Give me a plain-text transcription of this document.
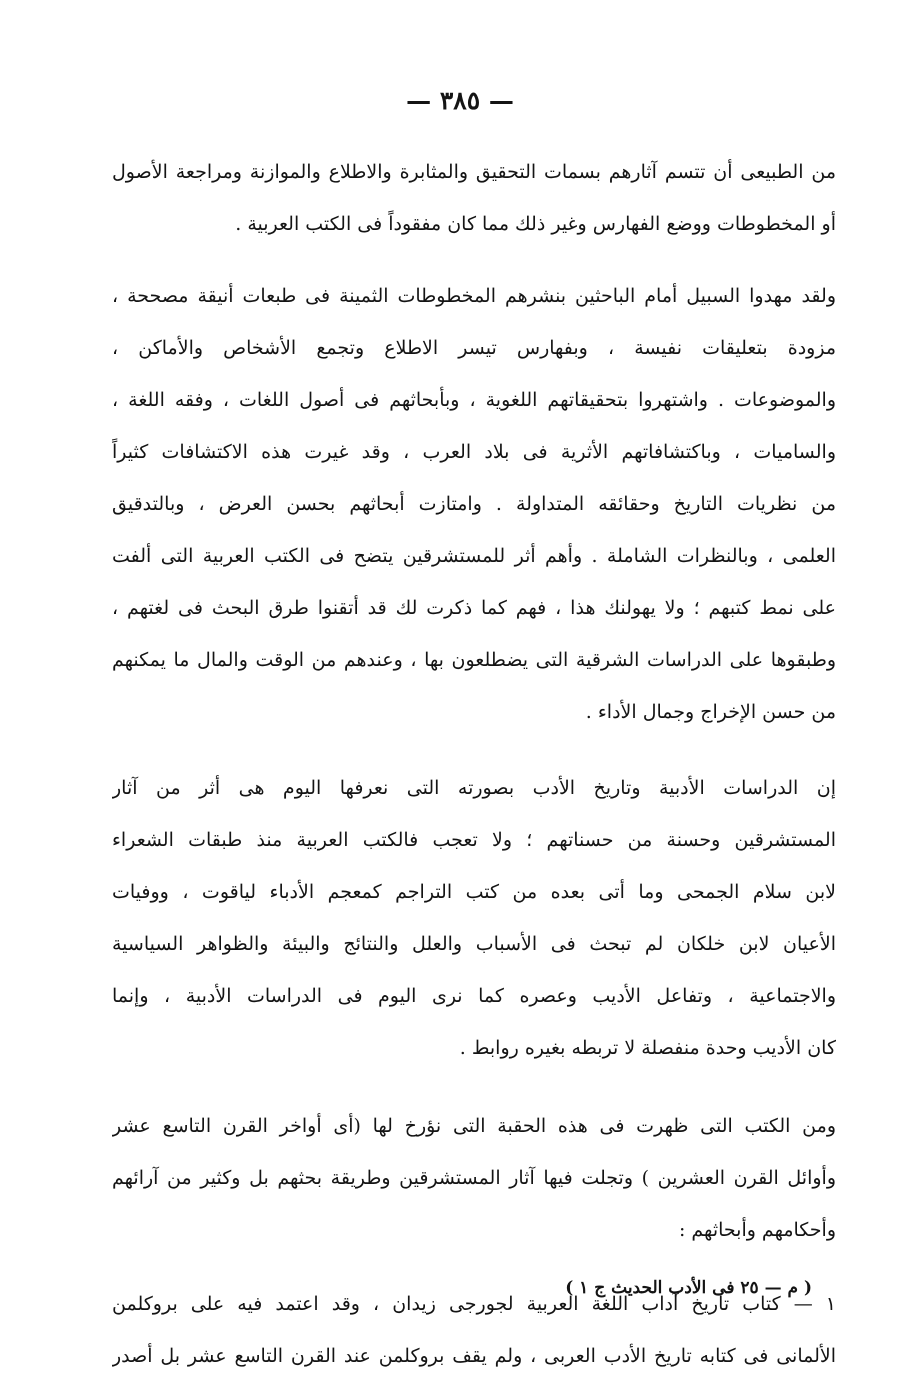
— ٣٨٥ —
من الطبيعى أن تتسم آثارهم بسمات التحقيق والمثابرة والاطلاع والموازنة ومراجعة الأصول
أو المخطوطات ووضع الفهارس وغير ذلك مما كان مفقوداً فى الكتب العربية .
ولقد مهدوا السبيل أمام الباحثين بنشرهم المخطوطات الثمينة فى طبعات أنيقة مصححة ،
مزودة بتعليقات نفيسة ، وبفهارس تيسر الاطلاع وتجمع الأشخاص والأماكن ،
والموضوعات . واشتهروا بتحقيقاتهم اللغوية ، وبأبحاثهم فى أصول اللغات ، وفقه اللغة ،
والساميات ، وباكتشافاتهم الأثرية فى بلاد العرب ، وقد غيرت هذه الاكتشافات كثيراً
من نظريات التاريخ وحقائقه المتداولة . وامتازت أبحاثهم بحسن العرض ، وبالتدقيق
العلمى ، وبالنظرات الشاملة . وأهم أثر للمستشرقين يتضح فى الكتب العربية التى ألفت
على نمط كتبهم ؛ ولا يهولنك هذا ، فهم كما ذكرت لك قد أتقنوا طرق البحث فى لغتهم ،
وطبقوها على الدراسات الشرقية التى يضطلعون بها ، وعندهم من الوقت والمال ما يمكنهم
من حسن الإخراج وجمال الأداء .
إن الدراسات الأدبية وتاريخ الأدب بصورته التى نعرفها اليوم هى أثر من آثار
المستشرقين وحسنة من حسناتهم ؛ ولا تعجب فالكتب العربية منذ طبقات الشعراء
لابن سلام الجمحى وما أتى بعده من كتب التراجم كمعجم الأدباء لياقوت ، ووفيات
الأعيان لابن خلكان لم تبحث فى الأسباب والعلل والنتائج والبيئة والظواهر السياسية
والاجتماعية ، وتفاعل الأديب وعصره كما نرى اليوم فى الدراسات الأدبية ، وإنما
كان الأديب وحدة منفصلة لا تربطه بغيره روابط .
ومن الكتب التى ظهرت فى هذه الحقبة التى نؤرخ لها (أى أواخر القرن التاسع عشر
وأوائل القرن العشرين ) وتجلت فيها آثار المستشرقين وطريقة بحثهم بل وكثير من آرائهم
وأحكامهم وأبحاثهم :
١ — كتاب تاريخ آداب اللغة العربية لجورجى زيدان ، وقد اعتمد فيه على بروكلمن
الألمانى فى كتابه تاريخ الأدب العربى ، ولم يقف بروكلمن عند القرن التاسع عشر بل أصدر
( م — ٢٥ فى الأدب الحديث ج ١ )
